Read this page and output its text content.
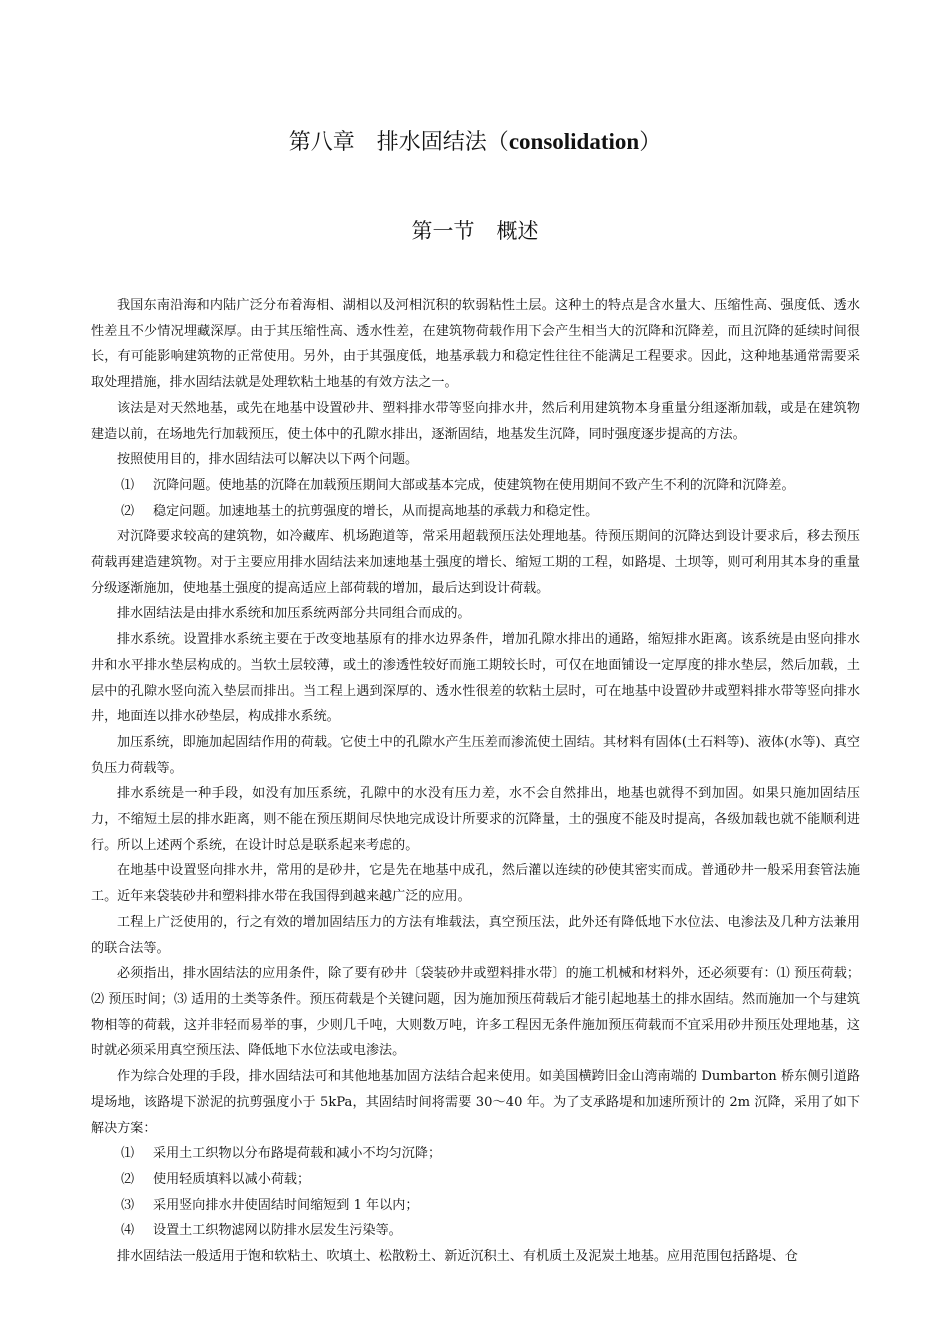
第八章 排水固结法（consolidation）
第一节 概述

我国东南沿海和内陆广泛分布着海相、湖相以及河相沉积的软弱粘性土层。这种土的特点是含水量大、压缩性高、强度低、透水性差且不少情况埋藏深厚。由于其压缩性高、透水性差，在建筑物荷载作用下会产生相当大的沉降和沉降差，而且沉降的延续时间很长，有可能影响建筑物的正常使用。另外，由于其强度低，地基承载力和稳定性往往不能满足工程要求。因此，这种地基通常需要采取处理措施，排水固结法就是处理软粘土地基的有效方法之一。

该法是对天然地基，或先在地基中设置砂井、塑料排水带等竖向排水井，然后利用建筑物本身重量分组逐渐加载，或是在建筑物建造以前，在场地先行加载预压，使土体中的孔隙水排出，逐渐固结，地基发生沉降，同时强度逐步提高的方法。

按照使用目的，排水固结法可以解决以下两个问题。

⑴ 沉降问题。使地基的沉降在加载预压期间大部或基本完成，使建筑物在使用期间不致产生不利的沉降和沉降差。

⑵ 稳定问题。加速地基土的抗剪强度的增长，从而提高地基的承载力和稳定性。

对沉降要求较高的建筑物，如冷藏库、机场跑道等，常采用超载预压法处理地基。待预压期间的沉降达到设计要求后，移去预压荷载再建造建筑物。对于主要应用排水固结法来加速地基土强度的增长、缩短工期的工程，如路堤、土坝等，则可利用其本身的重量分级逐渐施加，使地基土强度的提高适应上部荷载的增加，最后达到设计荷载。

排水固结法是由排水系统和加压系统两部分共同组合而成的。

排水系统。设置排水系统主要在于改变地基原有的排水边界条件，增加孔隙水排出的通路，缩短排水距离。该系统是由竖向排水井和水平排水垫层构成的。当软土层较薄，或土的渗透性较好而施工期较长时，可仅在地面铺设一定厚度的排水垫层，然后加载，土层中的孔隙水竖向流入垫层而排出。当工程上遇到深厚的、透水性很差的软粘土层时，可在地基中设置砂井或塑料排水带等竖向排水井，地面连以排水砂垫层，构成排水系统。

加压系统，即施加起固结作用的荷载。它使土中的孔隙水产生压差而渗流使土固结。其材料有固体(土石料等)、液体(水等)、真空负压力荷载等。

排水系统是一种手段，如没有加压系统，孔隙中的水没有压力差，水不会自然排出，地基也就得不到加固。如果只施加固结压力，不缩短土层的排水距离，则不能在预压期间尽快地完成设计所要求的沉降量，土的强度不能及时提高，各级加载也就不能顺利进行。所以上述两个系统，在设计时总是联系起来考虑的。

在地基中设置竖向排水井，常用的是砂井，它是先在地基中成孔，然后灌以连续的砂使其密实而成。普通砂井一般采用套管法施工。近年来袋装砂井和塑料排水带在我国得到越来越广泛的应用。

工程上广泛使用的，行之有效的增加固结压力的方法有堆载法，真空预压法，此外还有降低地下水位法、电渗法及几种方法兼用的联合法等。

必须指出，排水固结法的应用条件，除了要有砂井〔袋装砂井或塑料排水带〕的施工机械和材料外，还必须要有：⑴ 预压荷载；⑵ 预压时间；⑶ 适用的土类等条件。预压荷载是个关键问题，因为施加预压荷载后才能引起地基土的排水固结。然而施加一个与建筑物相等的荷载，这并非轻而易举的事，少则几千吨，大则数万吨，许多工程因无条件施加预压荷载而不宜采用砂井预压处理地基，这时就必须采用真空预压法、降低地下水位法或电渗法。

作为综合处理的手段，排水固结法可和其他地基加固方法结合起来使用。如美国横跨旧金山湾南端的 Dumbarton 桥东侧引道路堤场地，该路堤下淤泥的抗剪强度小于 5kPa，其固结时间将需要 30～40 年。为了支承路堤和加速所预计的 2m 沉降，采用了如下解决方案：

⑴ 采用土工织物以分布路堤荷载和减小不均匀沉降；

⑵ 使用轻质填料以减小荷载；

⑶ 采用竖向排水井使固结时间缩短到 1 年以内；

⑷ 设置土工织物滤网以防排水层发生污染等。

排水固结法一般适用于饱和软粘土、吹填土、松散粉土、新近沉积土、有机质土及泥炭土地基。应用范围包括路堤、仓
